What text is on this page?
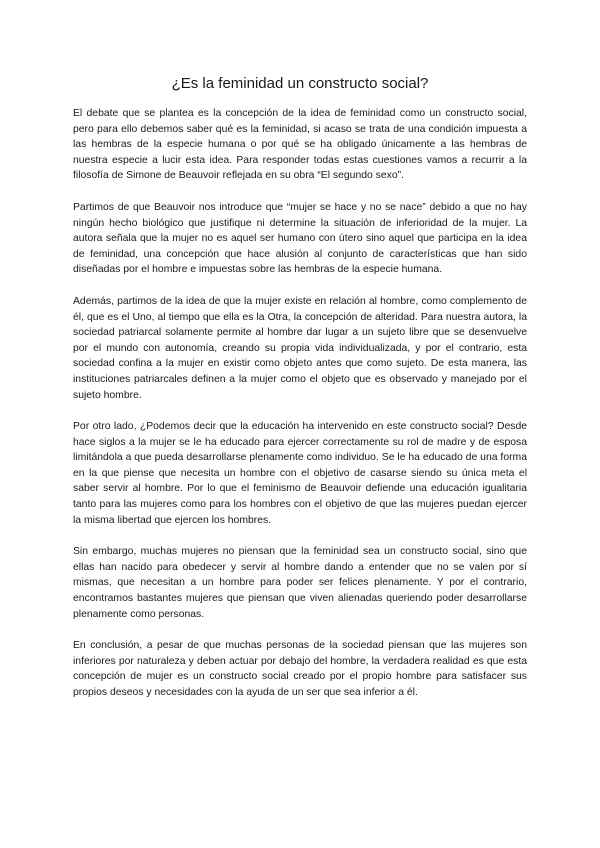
¿Es la feminidad un constructo social?

El debate que se plantea es la concepción de la idea de feminidad como un constructo social, pero para ello debemos saber qué es la feminidad, si acaso se trata de una condición impuesta a las hembras de la especie humana o por qué se ha obligado únicamente a las hembras de nuestra especie a lucir esta idea. Para responder todas estas cuestiones vamos a recurrir a la filosofía de Simone de Beauvoir reflejada en su obra “El segundo sexo”.

Partimos de que Beauvoir nos introduce que “mujer se hace y no se nace” debido a que no hay ningún hecho biológico que justifique ni determine la situación de inferioridad de la mujer. La autora señala que la mujer no es aquel ser humano con útero sino aquel que participa en la idea de feminidad, una concepción que hace alusión al conjunto de características que han sido diseñadas por el hombre e impuestas sobre las hembras de la especie humana.

Además, partimos de la idea de que la mujer existe en relación al hombre, como complemento de él, que es el Uno, al tiempo que ella es la Otra, la concepción de alteridad. Para nuestra autora, la sociedad patriarcal solamente permite al hombre dar lugar a un sujeto libre que se desenvuelve por el mundo con autonomía, creando su propia vida individualizada, y por el contrario, esta sociedad confina a la mujer en existir como objeto antes que como sujeto. De esta manera, las instituciones patriarcales definen a la mujer como el objeto que es observado y manejado por el sujeto hombre.

Por otro lado, ¿Podemos decir que la educación ha intervenido en este constructo social? Desde hace siglos a la mujer se le ha educado para ejercer correctamente su rol de madre y de esposa limitándola a que pueda desarrollarse plenamente como individuo. Se le ha educado de una forma en la que piense que necesita un hombre con el objetivo de casarse siendo su única meta el saber servir al hombre. Por lo que el feminismo de Beauvoir defiende una educación igualitaria tanto para las mujeres como para los hombres con el objetivo de que las mujeres puedan ejercer la misma libertad que ejercen los hombres.

Sin embargo, muchas mujeres no piensan que la feminidad sea un constructo social, sino que ellas han nacido para obedecer y servir al hombre dando a entender que no se valen por sí mismas, que necesitan a un hombre para poder ser felices plenamente. Y por el contrario, encontramos bastantes mujeres que piensan que viven alienadas queriendo poder desarrollarse plenamente como personas.

En conclusión, a pesar de que muchas personas de la sociedad piensan que las mujeres son inferiores por naturaleza y deben actuar por debajo del hombre, la verdadera realidad es que esta concepción de mujer es un constructo social creado por el propio hombre para satisfacer sus propios deseos y necesidades con la ayuda de un ser que sea inferior a él.
